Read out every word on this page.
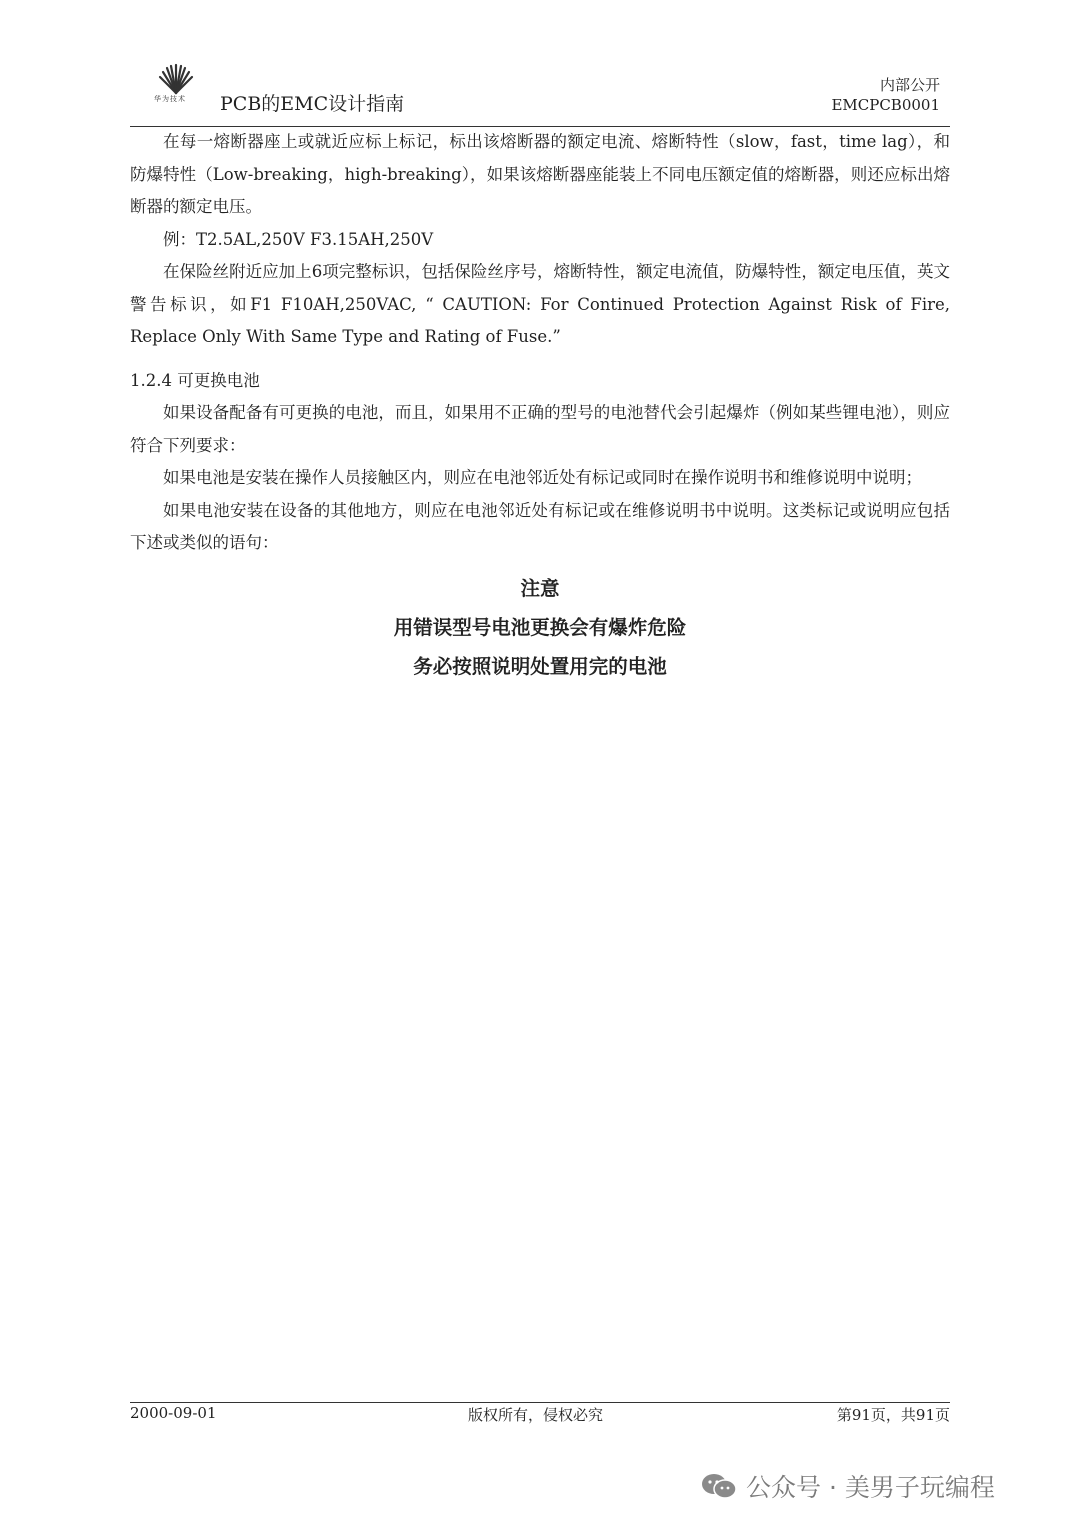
华为技术 PCB的EMC设计指南
内部公开
EMCPCB0001

在每一熔断器座上或就近应标上标记，标出该熔断器的额定电流、熔断特性（slow，fast，time lag），和防爆特性（Low-breaking，high-breaking），如果该熔断器座能装上不同电压额定值的熔断器，则还应标出熔断器的额定电压。

例：T2.5AL,250V F3.15AH,250V

在保险丝附近应加上6项完整标识，包括保险丝序号，熔断特性，额定电流值，防爆特性，额定电压值，英文警告标识，如F1 F10AH,250VAC, “ CAUTION: For Continued Protection Against Risk of Fire, Replace Only With Same Type and Rating of Fuse.”

1.2.4 可更换电池

如果设备配备有可更换的电池，而且，如果用不正确的型号的电池替代会引起爆炸（例如某些锂电池），则应符合下列要求：

如果电池是安装在操作人员接触区内，则应在电池邻近处有标记或同时在操作说明书和维修说明中说明；

如果电池安装在设备的其他地方，则应在电池邻近处有标记或在维修说明书中说明。这类标记或说明应包括下述或类似的语句：

注意
用错误型号电池更换会有爆炸危险
务必按照说明处置用完的电池
2000-09-01	版权所有，侵权必究	第91页，共91页
公众号 · 美男子玩编程
